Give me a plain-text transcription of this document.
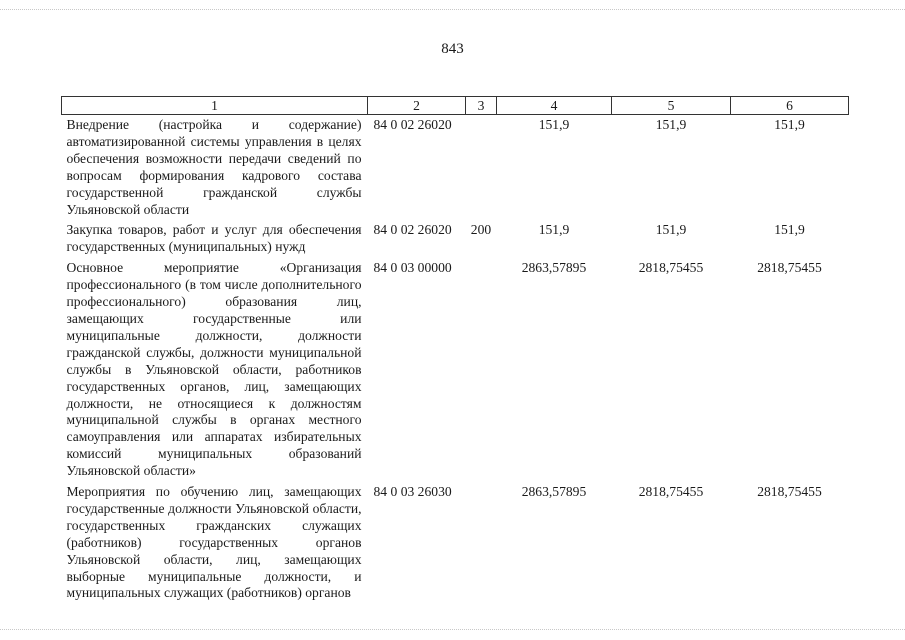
843
1	2	3	4	5	6
Внедрение (настройка и содержание) автоматизированной системы управления в целях обеспечения возможности передачи сведений по вопросам формирования кадрового состава государственной гражданской службы Ульяновской области	84 0 02 26020		151,9	151,9	151,9
Закупка товаров, работ и услуг для обеспечения государственных (муниципальных) нужд	84 0 02 26020	200	151,9	151,9	151,9
Основное мероприятие «Организация профессионального (в том числе дополнительного профессионального) образования лиц, замещающих государственные или муниципальные должности, должности гражданской службы, должности муниципальной службы в Ульяновской области, работников государственных органов, лиц, замещающих должности, не относящиеся к должностям муниципальной службы в органах местного самоуправления или аппаратах избирательных комиссий муниципальных образований Ульяновской области»	84 0 03 00000		2863,57895	2818,75455	2818,75455
Мероприятия по обучению лиц, замещающих государственные должности Ульяновской области, государственных гражданских служащих (работников) государственных органов Ульяновской области, лиц, замещающих выборные муниципальные должности, и муниципальных служащих (работников) органов	84 0 03 26030		2863,57895	2818,75455	2818,75455
